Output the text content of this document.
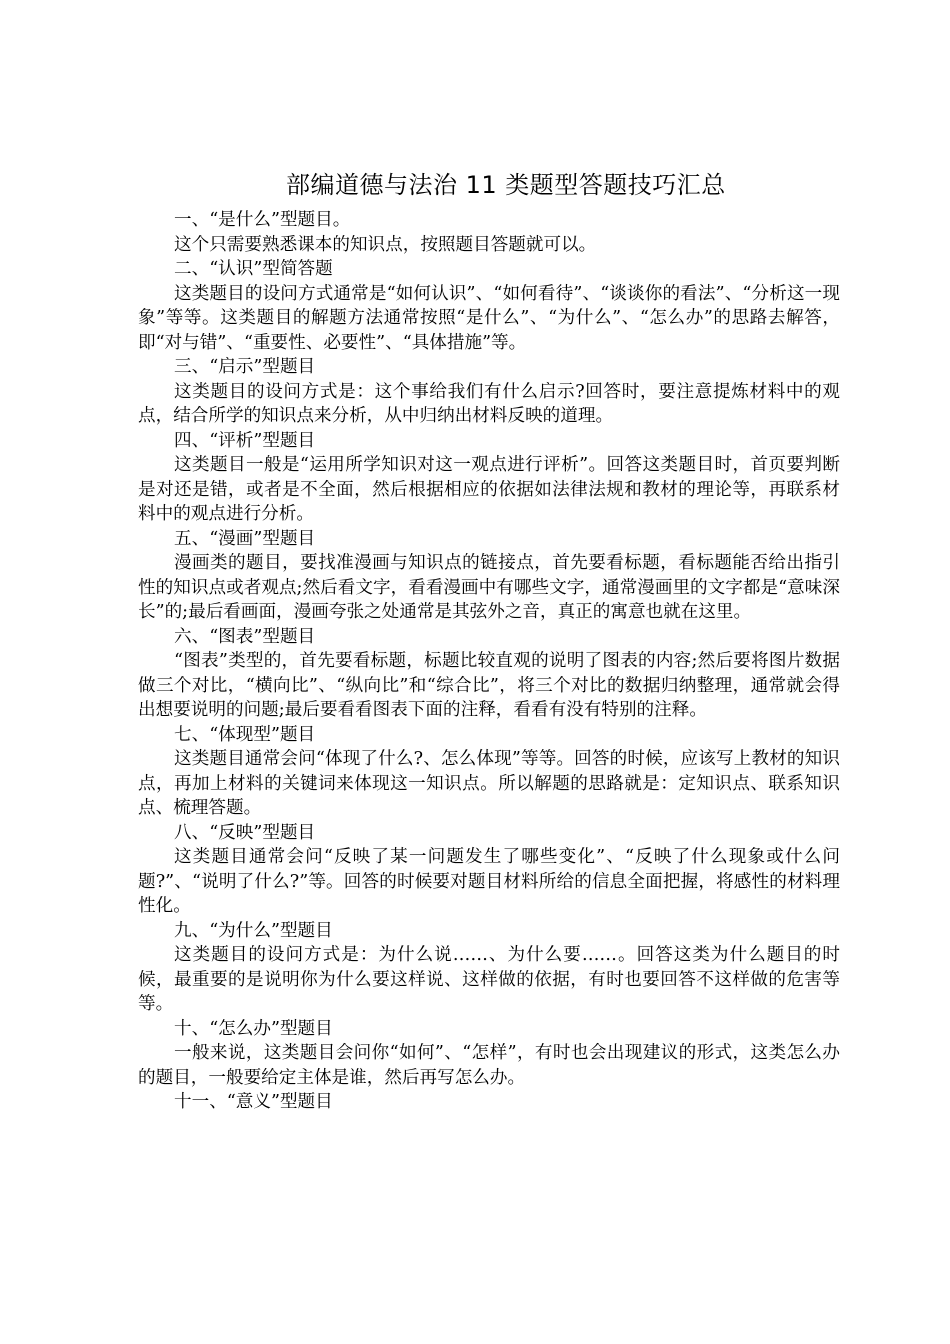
部编道德与法治 11 类题型答题技巧汇总

一、“是什么”型题目。

这个只需要熟悉课本的知识点，按照题目答题就可以。

二、“认识”型简答题

这类题目的设问方式通常是“如何认识”、“如何看待”、“谈谈你的看法”、“分析这一现象”等等。这类题目的解题方法通常按照“是什么”、“为什么”、“怎么办”的思路去解答，即“对与错”、“重要性、必要性”、“具体措施”等。

三、“启示”型题目

这类题目的设问方式是：这个事给我们有什么启示?回答时，要注意提炼材料中的观点，结合所学的知识点来分析，从中归纳出材料反映的道理。

四、“评析”型题目

这类题目一般是“运用所学知识对这一观点进行评析”。回答这类题目时，首页要判断是对还是错，或者是不全面，然后根据相应的依据如法律法规和教材的理论等，再联系材料中的观点进行分析。

五、“漫画”型题目

漫画类的题目，要找准漫画与知识点的链接点，首先要看标题，看标题能否给出指引性的知识点或者观点;然后看文字，看看漫画中有哪些文字，通常漫画里的文字都是“意味深长”的;最后看画面，漫画夸张之处通常是其弦外之音，真正的寓意也就在这里。

六、“图表”型题目

“图表”类型的，首先要看标题，标题比较直观的说明了图表的内容;然后要将图片数据做三个对比，“横向比”、“纵向比”和“综合比”，将三个对比的数据归纳整理，通常就会得出想要说明的问题;最后要看看图表下面的注释，看看有没有特别的注释。

七、“体现型”题目

这类题目通常会问“体现了什么?、怎么体现”等等。回答的时候，应该写上教材的知识点，再加上材料的关键词来体现这一知识点。所以解题的思路就是：定知识点、联系知识点、梳理答题。

八、“反映”型题目

这类题目通常会问“反映了某一问题发生了哪些变化”、“反映了什么现象或什么问题?”、“说明了什么?”等。回答的时候要对题目材料所给的信息全面把握，将感性的材料理性化。

九、“为什么”型题目

这类题目的设问方式是：为什么说……、为什么要……。回答这类为什么题目的时候，最重要的是说明你为什么要这样说、这样做的依据，有时也要回答不这样做的危害等等。

十、“怎么办”型题目

一般来说，这类题目会问你“如何”、“怎样”，有时也会出现建议的形式，这类怎么办的题目，一般要给定主体是谁，然后再写怎么办。

十一、“意义”型题目
